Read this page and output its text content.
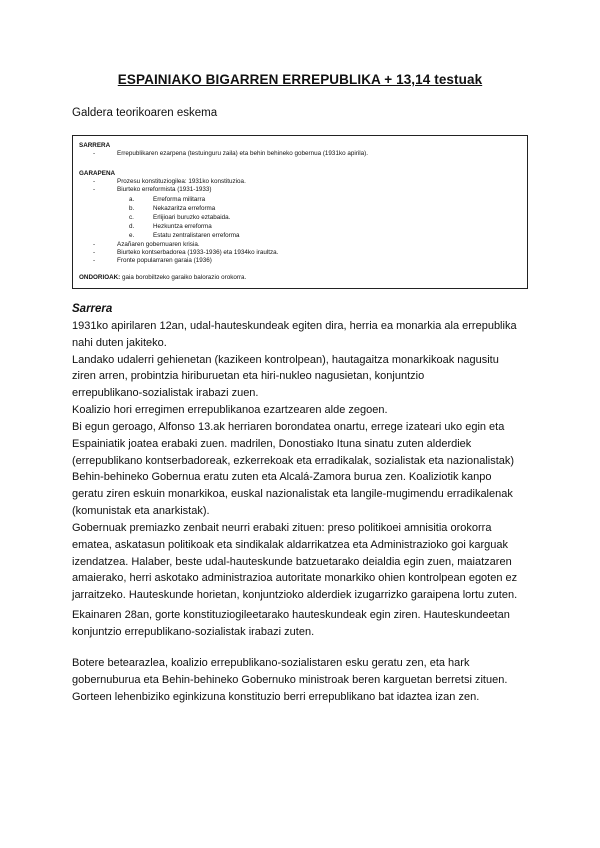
ESPAINIAKO BIGARREN ERREPUBLIKA + 13,14 testuak
Galdera teorikoaren eskema
SARRERA
-	Errepublikaren ezarpena (testuinguru zaila) eta behin behineko gobernua (1931ko apirila).
GARAPENA
-	Prozesu konstituziogilea: 1931ko konstituzioa.
-	Biurteko erreformista (1931-1933)
a.	Erreforma militarra
b.	Nekazaritza erreforma
c.	Erlijioari buruzko eztabaida.
d.	Hezkuntza erreforma
e.	Estatu zentralistaren erreforma
-	Azañaren gobernuaren krisia.
-	Biurteko kontserbadorea (1933-1936) eta 1934ko iraultza.
-	Fronte popularraren garaia (1936)
ONDORIOAK: gaia borobiltzeko garaiko balorazio orokorra.
Sarrera
1931ko apirilaren 12an, udal-hauteskundeak egiten dira, herria ea monarkia ala errepublika
nahi duten jakiteko.
Landako udalerri gehienetan (kazikeen kontrolpean), hautagaitza monarkikoak nagusitu
ziren arren, probintzia hiriburuetan eta hiri-nukleo nagusietan, konjuntzio
errepublikano-sozialistak irabazi zuen.
Koalizio hori erregimen errepublikanoa ezartzearen alde zegoen.
Bi egun geroago, Alfonso 13.ak herriaren borondatea onartu, errege izateari uko egin eta
Espainiatik joatea erabaki zuen. madrilen, Donostiako Ituna sinatu zuten alderdiek
(errepublikano kontserbadoreak, ezkerrekoak eta erradikalak, sozialistak eta nazionalistak)
Behin-behineko Gobernua eratu zuten eta Alcalá-Zamora burua zen. Koaliziotik kanpo
geratu ziren eskuin monarkikoa, euskal nazionalistak eta langile-mugimendu erradikalenak
(komunistak eta anarkistak).
Gobernuak premiazko zenbait neurri erabaki zituen: preso politikoei amnisitia orokorra
ematea, askatasun politikoak eta sindikalak aldarrikatzea eta Administrazioko goi karguak
izendatzea. Halaber, beste udal-hauteskunde batzuetarako deialdia egin zuen, maiatzaren
amaierako, herri askotako administrazioa autoritate monarkiko ohien kontrolpean egoten ez
jarraitzeko. Hauteskunde horietan, konjuntzioko alderdiek izugarrizko garaipena lortu zuten.
Ekainaren 28an, gorte konstituziogileetarako hauteskundeak egin ziren. Hauteskundeetan
konjuntzio errepublikano-sozialistak irabazi zuten.
Botere betearazlea, koalizio errepublikano-sozialistaren esku geratu zen, eta hark
gobernuburua eta Behin-behineko Gobernuko ministroak beren karguetan berretsi zituen.
Gorteen lehenbiziko eginkizuna konstituzio berri errepublikano bat idaztea izan zen.
